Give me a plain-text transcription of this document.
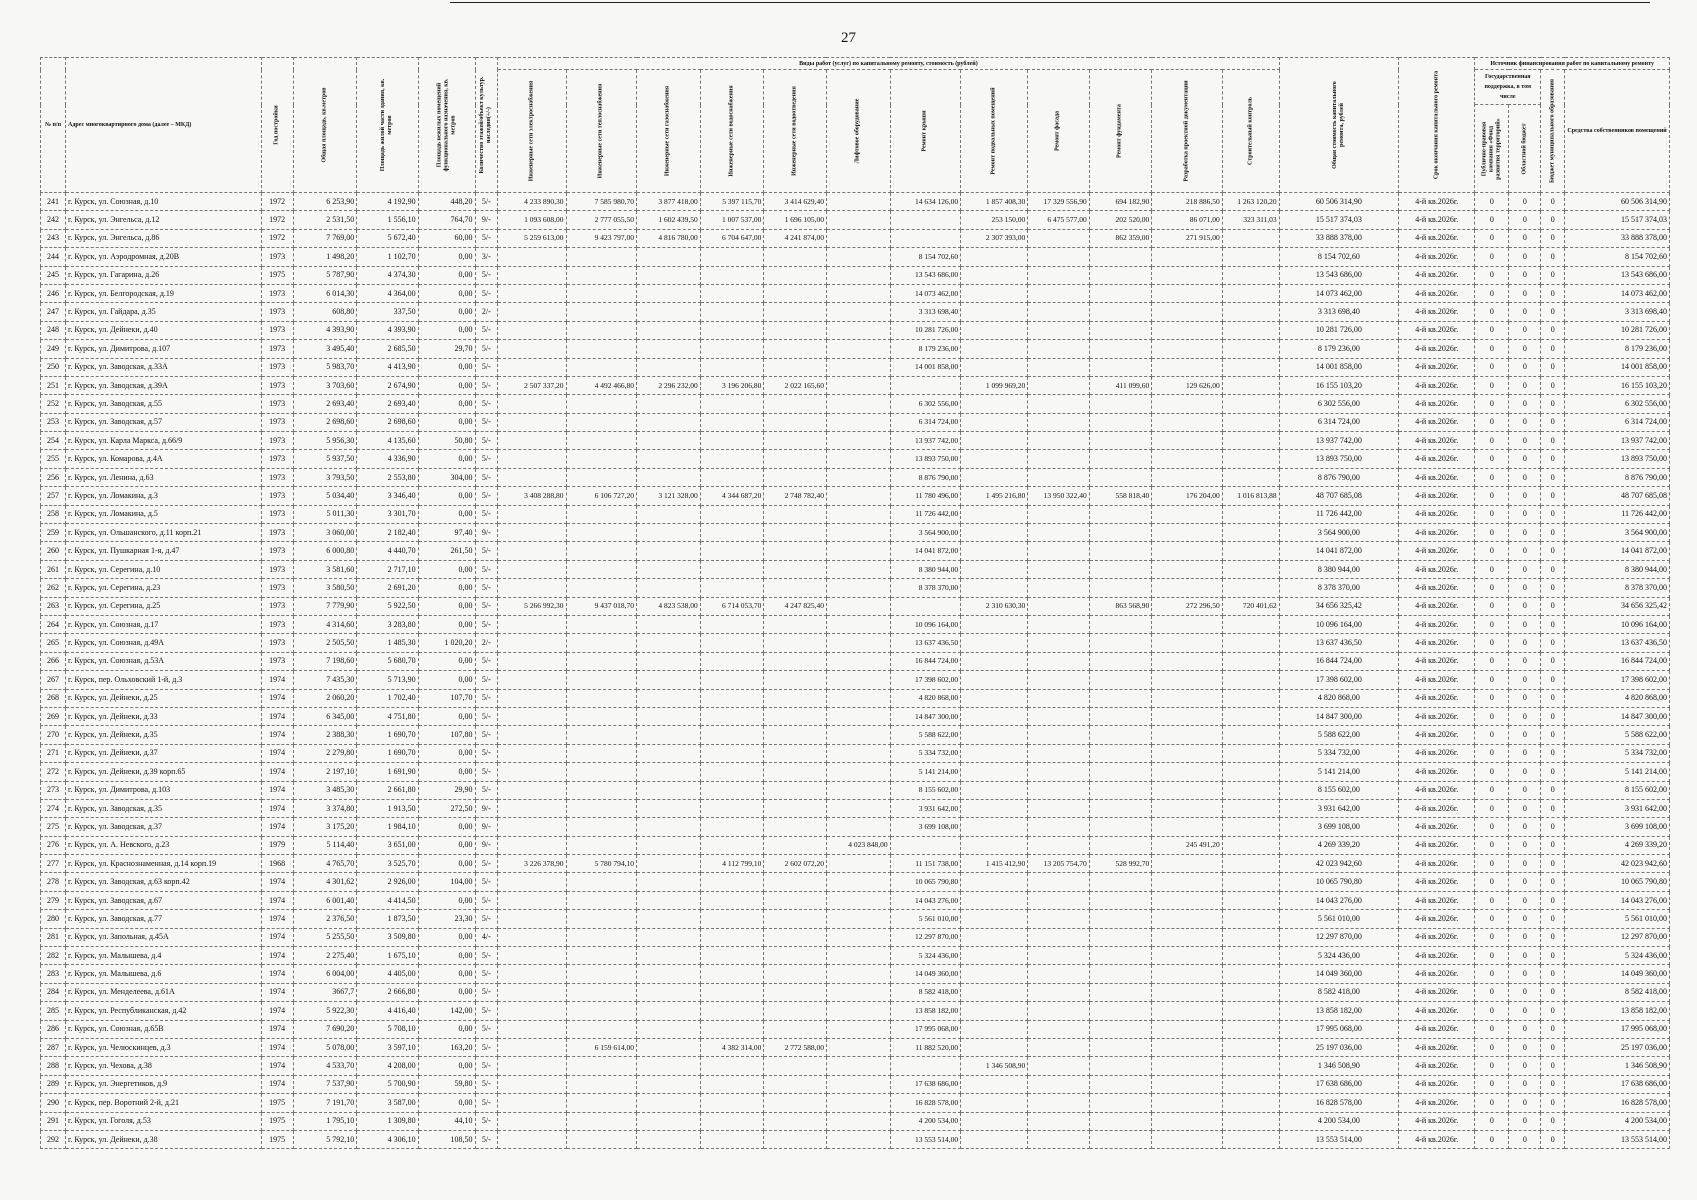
27
№ п/п	Адрес многоквартирного дома (далее – МКД)	Год постройки	Общая площадь, кв.метров	Площадь жилой части здания, кв. метров	Площадь нежилых помещений функционального назначения, кв. метров	Количество этажей/объект культур. наследия(+/-)	Виды работ (услуг) по капитальному ремонту, стоимость (рублей)												Общая стоимость капитального ремонта, рублей	Срок окончания капитального ремонта	Источник финансирования работ по капитальному ремонту			

							Инженерные сети электроснабжения	Инженерные сети теплоснабжения	Инженерные сети газоснабжения	Инженерные сети водоснабжения	Инженерные сети водоотведения	Лифтовое оборудование	Ремонт крыши	Ремонт подвальных помещений	Ремонт фасада	Ремонт фундамента	Разработка проектной документации	Строительный контроль			Государственная поддержка, в том числе		Бюджет муниципального образования	Средства собственников помещений

																					Публично-правовая компания «Фонд развития территорий»	Областной бюджет		

241	г. Курск, ул. Союзная, д.10	1972	6 253,90	4 192,90	448,20	5/-	4 233 890,30	7 585 980,70	3 877 418,00	5 397 115,70	3 414 629,40		14 634 126,00	1 857 408,30	17 329 556,90	694 182,90	218 886,50	1 263 120,20	60 506 314,90	4-й кв.2026г.	0	0	0	60 506 314,90
242	г. Курск, ул. Энгельса, д.12	1972	2 531,50	1 556,10	764,70	9/-	1 093 608,00	2 777 055,50	1 602 439,50	1 007 537,00	1 696 105,00			253 150,00	6 475 577,00	202 520,00	86 071,00	323 311,03	15 517 374,03	4-й кв.2026г.	0	0	0	15 517 374,03
243	г. Курск, ул. Энгельса, д.86	1972	7 769,00	5 672,40	60,00	5/-	5 259 613,00	9 423 797,00	4 816 780,00	6 704 647,00	4 241 874,00			2 307 393,00		862 359,00	271 915,00		33 888 378,00	4-й кв.2026г.	0	0	0	33 888 378,00
244	г. Курск, ул. Аэродромная, д.20В	1973	1 498,20	1 102,70	0,00	3/-							8 154 702,60						8 154 702,60	4-й кв.2026г.	0	0	0	8 154 702,60
245	г. Курск, ул. Гагарина, д.26	1975	5 787,90	4 374,30	0,00	5/-							13 543 686,00						13 543 686,00	4-й кв.2026г.	0	0	0	13 543 686,00
246	г. Курск, ул. Белгородская, д.19	1973	6 014,30	4 364,00	0,00	5/-							14 073 462,00						14 073 462,00	4-й кв.2026г.	0	0	0	14 073 462,00
247	г. Курск, ул. Гайдара, д.35	1973	608,80	337,50	0,00	2/-							3 313 698,40						3 313 698,40	4-й кв.2026г.	0	0	0	3 313 698,40
248	г. Курск, ул. Дейнеки, д.40	1973	4 393,90	4 393,90	0,00	5/-							10 281 726,00						10 281 726,00	4-й кв.2026г.	0	0	0	10 281 726,00
249	г. Курск, ул. Димитрова, д.107	1973	3 495,40	2 685,50	29,70	5/-							8 179 236,00						8 179 236,00	4-й кв.2026г.	0	0	0	8 179 236,00
250	г. Курск, ул. Заводская, д.33А	1973	5 983,70	4 413,90	0,00	5/-							14 001 858,00						14 001 858,00	4-й кв.2026г.	0	0	0	14 001 858,00
251	г. Курск, ул. Заводская, д.39А	1973	3 703,60	2 674,90	0,00	5/-	2 507 337,20	4 492 466,80	2 296 232,00	3 196 206,80	2 022 165,60			1 099 969,20		411 099,60	129 626,00		16 155 103,20	4-й кв.2026г.	0	0	0	16 155 103,20
252	г. Курск, ул. Заводская, д.55	1973	2 693,40	2 693,40	0,00	5/-							6 302 556,00						6 302 556,00	4-й кв.2026г.	0	0	0	6 302 556,00
253	г. Курск, ул. Заводская, д.57	1973	2 698,60	2 698,60	0,00	5/-							6 314 724,00						6 314 724,00	4-й кв.2026г.	0	0	0	6 314 724,00
254	г. Курск, ул. Карла Маркса, д.66/9	1973	5 956,30	4 135,60	50,80	5/-							13 937 742,00						13 937 742,00	4-й кв.2026г.	0	0	0	13 937 742,00
255	г. Курск, ул. Комарова, д.4А	1973	5 937,50	4 336,90	0,00	5/-							13 893 750,00						13 893 750,00	4-й кв.2026г.	0	0	0	13 893 750,00
256	г. Курск, ул. Ленина, д.63	1973	3 793,50	2 553,80	304,00	5/-							8 876 790,00						8 876 790,00	4-й кв.2026г.	0	0	0	8 876 790,00
257	г. Курск, ул. Ломакина, д.3	1973	5 034,40	3 346,40	0,00	5/-	3 408 288,80	6 106 727,20	3 121 328,00	4 344 687,20	2 748 782,40		11 780 496,00	1 495 216,80	13 950 322,40	558 818,40	176 204,00	1 016 813,88	48 707 685,08	4-й кв.2026г.	0	0	0	48 707 685,08
258	г. Курск, ул. Ломакина, д.5	1973	5 011,30	3 301,70	0,00	5/-							11 726 442,00						11 726 442,00	4-й кв.2026г.	0	0	0	11 726 442,00
259	г. Курск, ул. Ольшанского, д.11 корп.21	1973	3 060,00	2 182,40	97,40	9/-							3 564 900,00						3 564 900,00	4-й кв.2026г.	0	0	0	3 564 900,00
260	г. Курск, ул. Пушкарная 1-я, д.47	1973	6 000,80	4 440,70	261,50	5/-							14 041 872,00						14 041 872,00	4-й кв.2026г.	0	0	0	14 041 872,00
261	г. Курск, ул. Серегина, д.10	1973	3 581,60	2 717,10	0,00	5/-							8 380 944,00						8 380 944,00	4-й кв.2026г.	0	0	0	8 380 944,00
262	г. Курск, ул. Серегина, д.23	1973	3 580,50	2 691,20	0,00	5/-							8 378 370,00						8 378 370,00	4-й кв.2026г.	0	0	0	8 378 370,00
263	г. Курск, ул. Серегина, д.25	1973	7 779,90	5 922,50	0,00	5/-	5 266 992,30	9 437 018,70	4 823 538,00	6 714 053,70	4 247 825,40			2 310 630,30		863 568,90	272 296,50	720 401,62	34 656 325,42	4-й кв.2026г.	0	0	0	34 656 325,42
264	г. Курск, ул. Союзная, д.17	1973	4 314,60	3 283,80	0,00	5/-							10 096 164,00						10 096 164,00	4-й кв.2026г.	0	0	0	10 096 164,00
265	г. Курск, ул. Союзная, д.49А	1973	2 505,50	1 485,30	1 020,20	2/-							13 637 436,50						13 637 436,50	4-й кв.2026г.	0	0	0	13 637 436,50
266	г. Курск, ул. Союзная, д.53А	1973	7 198,60	5 680,70	0,00	5/-							16 844 724,00						16 844 724,00	4-й кв.2026г.	0	0	0	16 844 724,00
267	г. Курск, пер. Ольховский 1-й, д.3	1974	7 435,30	5 713,90	0,00	5/-							17 398 602,00						17 398 602,00	4-й кв.2026г.	0	0	0	17 398 602,00
268	г. Курск, ул. Дейнеки, д.25	1974	2 060,20	1 702,40	107,70	5/-							4 820 868,00						4 820 868,00	4-й кв.2026г.	0	0	0	4 820 868,00
269	г. Курск, ул. Дейнеки, д.33	1974	6 345,00	4 751,80	0,00	5/-							14 847 300,00						14 847 300,00	4-й кв.2026г.	0	0	0	14 847 300,00
270	г. Курск, ул. Дейнеки, д.35	1974	2 388,30	1 690,70	107,80	5/-							5 588 622,00						5 588 622,00	4-й кв.2026г.	0	0	0	5 588 622,00
271	г. Курск, ул. Дейнеки, д.37	1974	2 279,80	1 690,70	0,00	5/-							5 334 732,00						5 334 732,00	4-й кв.2026г.	0	0	0	5 334 732,00
272	г. Курск, ул. Дейнеки, д.39 корп.65	1974	2 197,10	1 691,90	0,00	5/-							5 141 214,00						5 141 214,00	4-й кв.2026г.	0	0	0	5 141 214,00
273	г. Курск, ул. Димитрова, д.103	1974	3 485,30	2 661,80	29,90	5/-							8 155 602,00						8 155 602,00	4-й кв.2026г.	0	0	0	8 155 602,00
274	г. Курск, ул. Заводская, д.35	1974	3 374,80	1 913,50	272,50	9/-							3 931 642,00						3 931 642,00	4-й кв.2026г.	0	0	0	3 931 642,00
275	г. Курск, ул. Заводская, д.37	1974	3 175,20	1 984,10	0,00	9/-							3 699 108,00						3 699 108,00	4-й кв.2026г.	0	0	0	3 699 108,00
276	г. Курск, ул. А. Невского, д.23	1979	5 114,40	3 651,00	0,00	9/-						4 023 848,00					245 491,20		4 269 339,20	4-й кв.2026г.	0	0	0	4 269 339,20
277	г. Курск, ул. Краснознаменная, д.14 корп.19	1968	4 765,70	3 525,70	0,00	5/-	3 226 378,90	5 780 794,10		4 112 799,10	2 602 072,20		11 151 738,00	1 415 412,90	13 205 754,70	528 992,70			42 023 942,60	4-й кв.2026г.	0	0	0	42 023 942,60
278	г. Курск, ул. Заводская, д.63 корп.42	1974	4 301,62	2 926,00	104,00	5/-							10 065 790,80						10 065 790,80	4-й кв.2026г.	0	0	0	10 065 790,80
279	г. Курск, ул. Заводская, д.67	1974	6 001,40	4 414,50	0,00	5/-							14 043 276,00						14 043 276,00	4-й кв.2026г.	0	0	0	14 043 276,00
280	г. Курск, ул. Заводская, д.77	1974	2 376,50	1 873,50	23,30	5/-							5 561 010,00						5 561 010,00	4-й кв.2026г.	0	0	0	5 561 010,00
281	г. Курск, ул. Запольная, д.45А	1974	5 255,50	3 509,80	0,00	4/-							12 297 870,00						12 297 870,00	4-й кв.2026г.	0	0	0	12 297 870,00
282	г. Курск, ул. Малышева, д.4	1974	2 275,40	1 675,10	0,00	5/-							5 324 436,00						5 324 436,00	4-й кв.2026г.	0	0	0	5 324 436,00
283	г. Курск, ул. Малышева, д.6	1974	6 004,00	4 405,00	0,00	5/-							14 049 360,00						14 049 360,00	4-й кв.2026г.	0	0	0	14 049 360,00
284	г. Курск, ул. Менделеева, д.61А	1974	3667,7	2 666,80	0,00	5/-							8 582 418,00						8 582 418,00	4-й кв.2026г.	0	0	0	8 582 418,00
285	г. Курск, ул. Республиканская, д.42	1974	5 922,30	4 416,40	142,00	5/-							13 858 182,00						13 858 182,00	4-й кв.2026г.	0	0	0	13 858 182,00
286	г. Курск, ул. Союзная, д.65В	1974	7 690,20	5 708,10	0,00	5/-							17 995 068,00						17 995 068,00	4-й кв.2026г.	0	0	0	17 995 068,00
287	г. Курск, ул. Челюскинцев, д.3	1974	5 078,00	3 597,10	163,20	5/-		6 159 614,00		4 382 314,00	2 772 588,00		11 882 520,00						25 197 036,00	4-й кв.2026г.	0	0	0	25 197 036,00
288	г. Курск, ул. Чехова, д.38	1974	4 533,70	4 208,00	0,00	5/-								1 346 508,90					1 346 508,90	4-й кв.2026г.	0	0	0	1 346 508,90
289	г. Курск, ул. Энергетиков, д.9	1974	7 537,90	5 700,90	59,80	5/-							17 638 686,00						17 638 686,00	4-й кв.2026г.	0	0	0	17 638 686,00
290	г. Курск, пер. Воротний 2-й, д.21	1975	7 191,70	3 587,00	0,00	5/-							16 828 578,00						16 828 578,00	4-й кв.2026г.	0	0	0	16 828 578,00
291	г. Курск, ул. Гоголя, д.53	1975	1 795,10	1 309,80	44,10	5/-							4 200 534,00						4 200 534,00	4-й кв.2026г.	0	0	0	4 200 534,00
292	г. Курск, ул. Дейнеки, д.38	1975	5 792,10	4 306,10	108,50	5/-							13 553 514,00						13 553 514,00	4-й кв.2026г.	0	0	0	13 553 514,00
